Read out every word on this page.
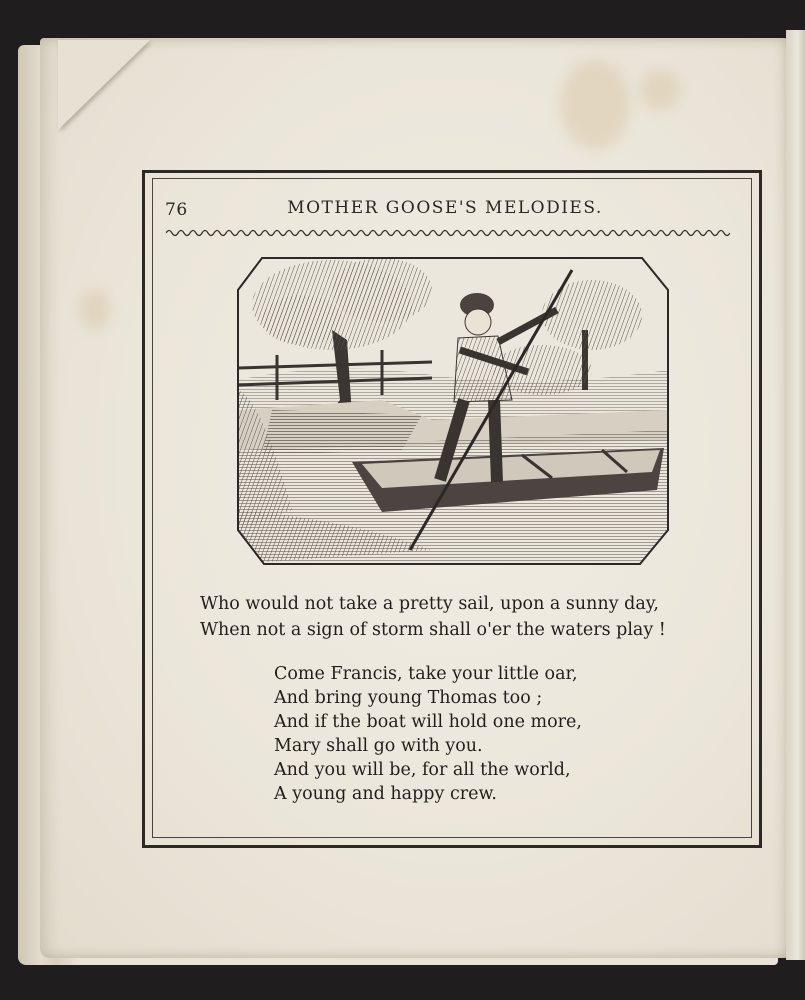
76	MOTHER GOOSE'S MELODIES.
Who would not take a pretty sail, upon a sunny day,
When not a sign of storm shall o'er the waters play !
Come Francis, take your little oar,
And bring young Thomas too ;
And if the boat will hold one more,
Mary shall go with you.
And you will be, for all the world,
A young and happy crew.
